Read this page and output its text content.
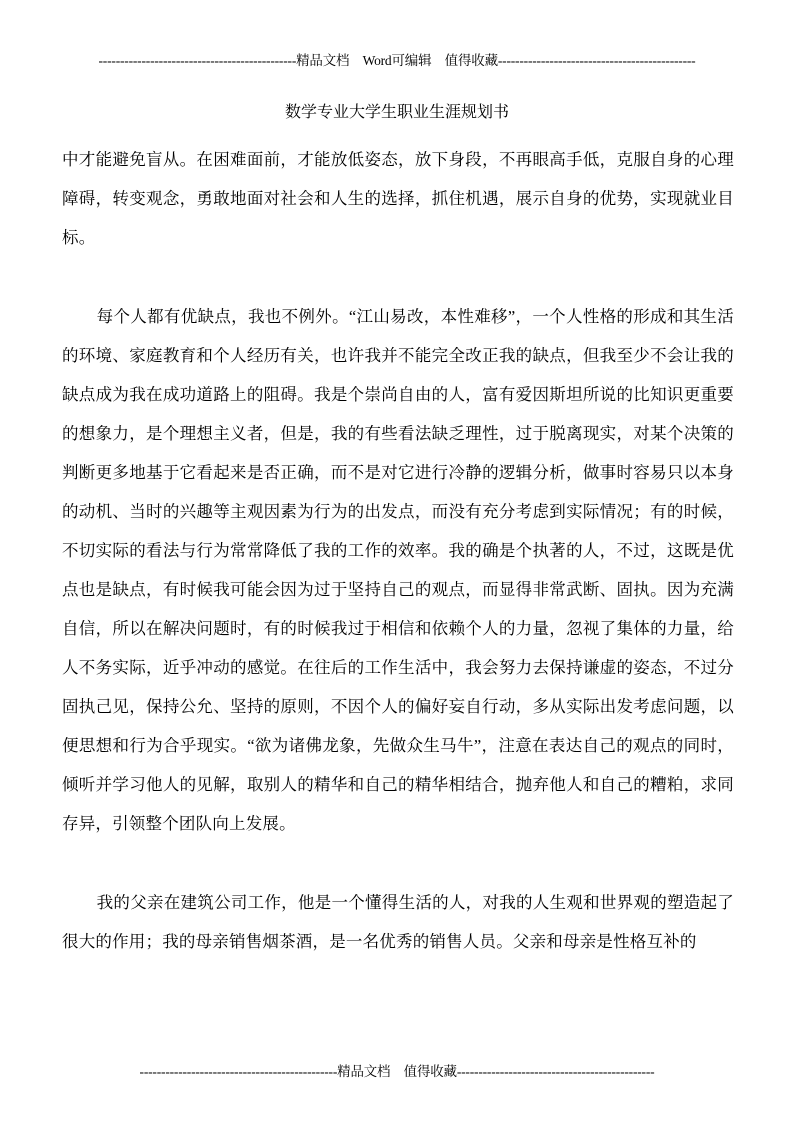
----------------------------------------------精品文档　Word可编辑　值得收藏----------------------------------------------
数学专业大学生职业生涯规划书

中才能避免盲从。在困难面前，才能放低姿态，放下身段，不再眼高手低，克服自身的心理障碍，转变观念，勇敢地面对社会和人生的选择，抓住机遇，展示自身的优势，实现就业目标。

每个人都有优缺点，我也不例外。“江山易改，本性难移”，一个人性格的形成和其生活的环境、家庭教育和个人经历有关，也许我并不能完全改正我的缺点，但我至少不会让我的缺点成为我在成功道路上的阻碍。我是个崇尚自由的人，富有爱因斯坦所说的比知识更重要的想象力，是个理想主义者，但是，我的有些看法缺乏理性，过于脱离现实，对某个决策的判断更多地基于它看起来是否正确，而不是对它进行冷静的逻辑分析，做事时容易只以本身的动机、当时的兴趣等主观因素为行为的出发点，而没有充分考虑到实际情况；有的时候，不切实际的看法与行为常常降低了我的工作的效率。我的确是个执著的人，不过，这既是优点也是缺点，有时候我可能会因为过于坚持自己的观点，而显得非常武断、固执。因为充满自信，所以在解决问题时，有的时候我过于相信和依赖个人的力量，忽视了集体的力量，给人不务实际，近乎冲动的感觉。在往后的工作生活中，我会努力去保持谦虚的姿态，不过分固执己见，保持公允、坚持的原则，不因个人的偏好妄自行动，多从实际出发考虑问题，以便思想和行为合乎现实。“欲为诸佛龙象，先做众生马牛”，注意在表达自己的观点的同时，倾听并学习他人的见解，取别人的精华和自己的精华相结合，抛弃他人和自己的糟粕，求同存异，引领整个团队向上发展。

我的父亲在建筑公司工作，他是一个懂得生活的人，对我的人生观和世界观的塑造起了很大的作用；我的母亲销售烟茶酒，是一名优秀的销售人员。父亲和母亲是性格互补的

----------------------------------------------精品文档　值得收藏----------------------------------------------
